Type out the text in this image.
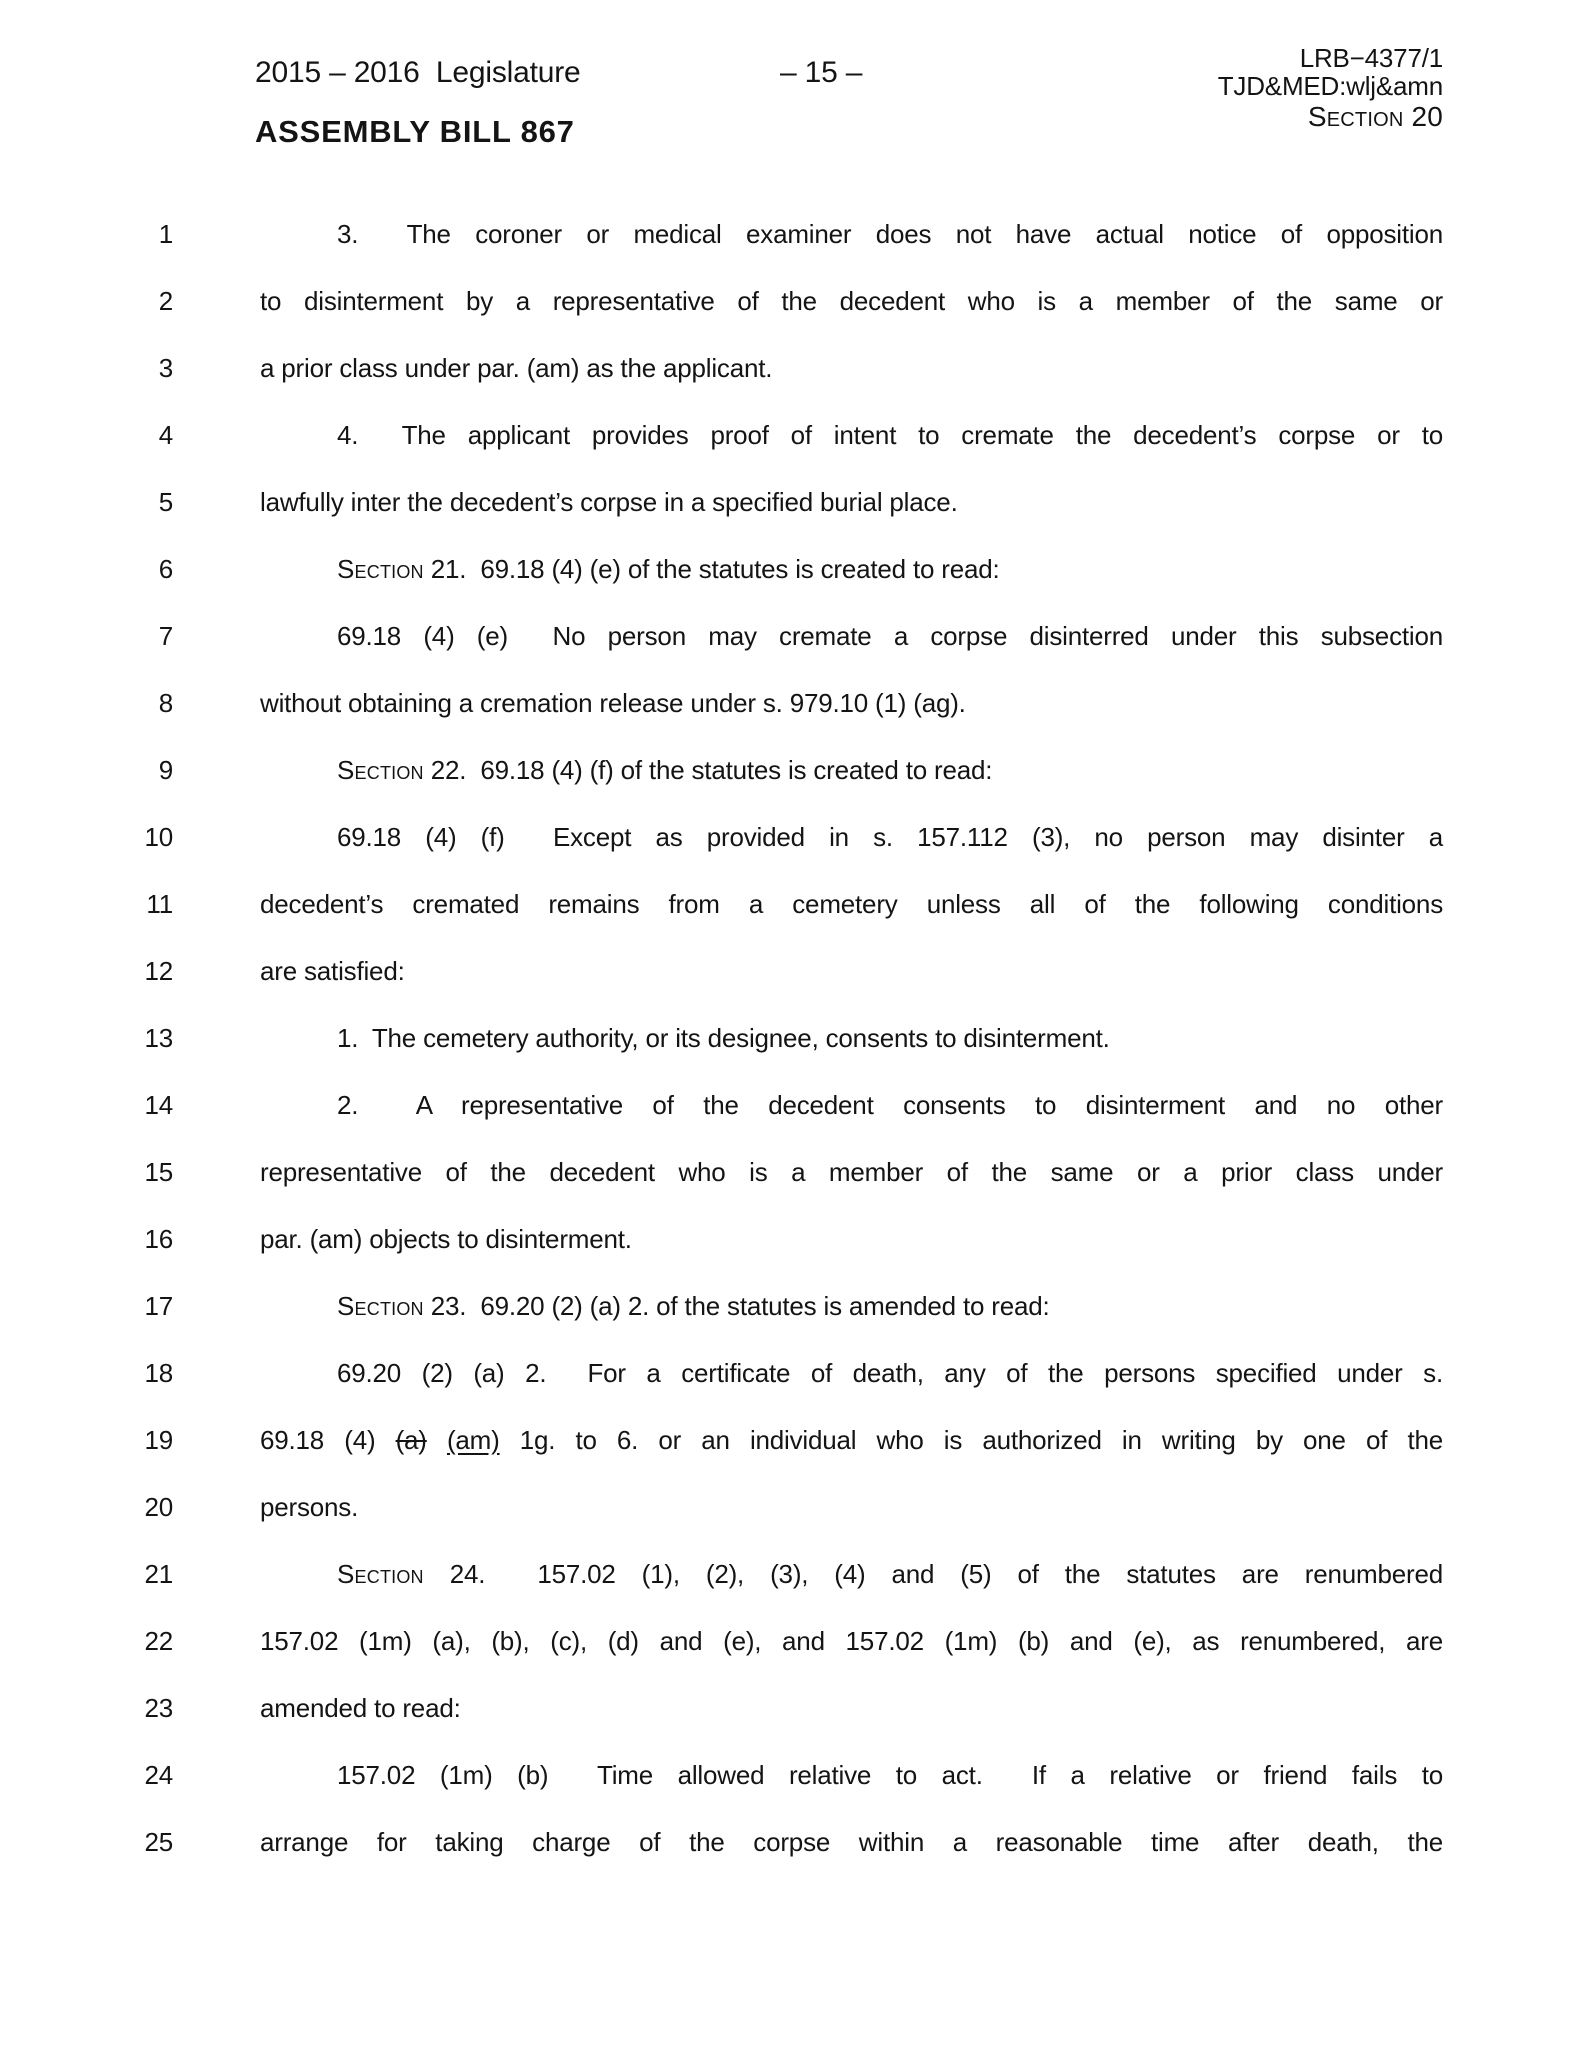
2015 – 2016  Legislature	– 15 –	LRB−4377/1
TJD&MED:wlj&amn
Section 20
ASSEMBLY BILL 867
1	3.  The coroner or medical examiner does not have actual notice of opposition
2	to disinterment by a representative of the decedent who is a member of the same or
3	a prior class under par. (am) as the applicant.
4	4.  The applicant provides proof of intent to cremate the decedent’s corpse or to
5	lawfully inter the decedent’s corpse in a specified burial place.
6	Section 21.  69.18 (4) (e) of the statutes is created to read:
7	69.18 (4) (e)  No person may cremate a corpse disinterred under this subsection
8	without obtaining a cremation release under s. 979.10 (1) (ag).
9	Section 22.  69.18 (4) (f) of the statutes is created to read:
10	69.18 (4) (f)  Except as provided in s. 157.112 (3), no person may disinter a
11	decedent’s cremated remains from a cemetery unless all of the following conditions
12	are satisfied:
13	1.  The cemetery authority, or its designee, consents to disinterment.
14	2.  A representative of the decedent consents to disinterment and no other
15	representative of the decedent who is a member of the same or a prior class under
16	par. (am) objects to disinterment.
17	Section 23.  69.20 (2) (a) 2. of the statutes is amended to read:
18	69.20 (2) (a) 2.  For a certificate of death, any of the persons specified under s.
19	69.18 (4) (a) (am) 1g. to 6. or an individual who is authorized in writing by one of the
20	persons.
21	Section 24.  157.02 (1), (2), (3), (4) and (5) of the statutes are renumbered
22	157.02 (1m) (a), (b), (c), (d) and (e), and 157.02 (1m) (b) and (e), as renumbered, are
23	amended to read:
24	157.02 (1m) (b)  Time allowed relative to act.  If a relative or friend fails to
25	arrange for taking charge of the corpse within a reasonable time after death, the
